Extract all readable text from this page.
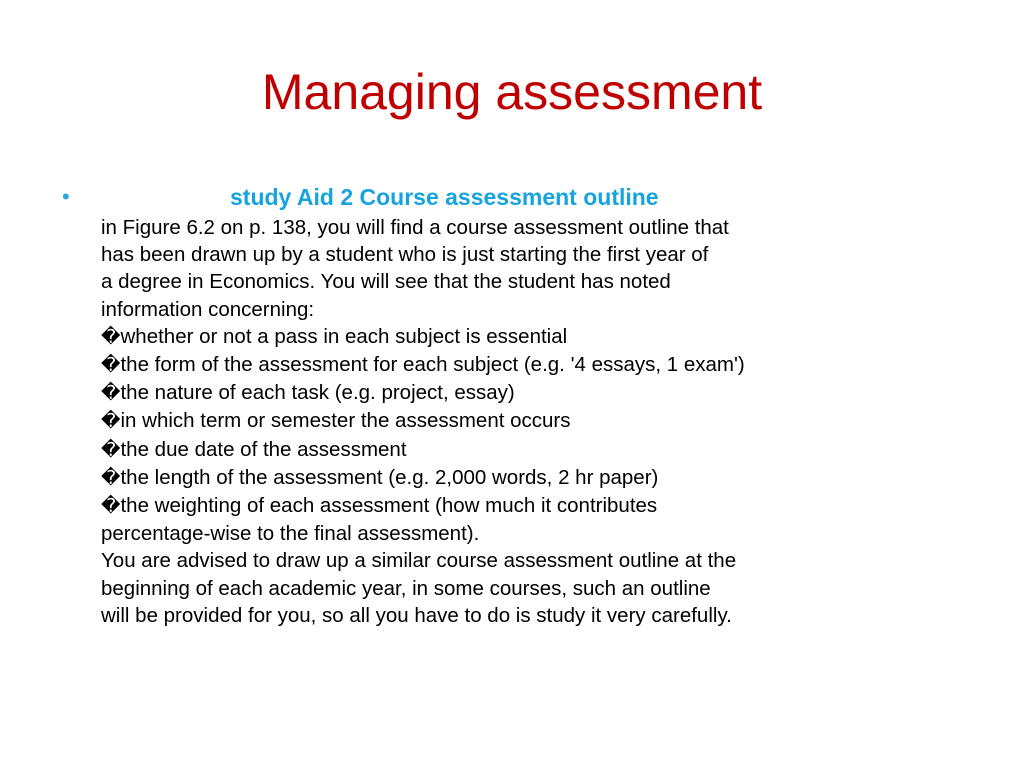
Managing assessment
•	study Aid 2 Course assessment outline
in Figure 6.2 on p. 138, you will find a course assessment outline that
has been drawn up by a student who is just starting the first year of
a degree in Economics. You will see that the student has noted
information concerning:
�whether or not a pass in each subject is essential
�the form of the assessment for each subject (e.g. '4 essays, 1 exam')
�the nature of each task (e.g. project, essay)
�in which term or semester the assessment occurs
�the due date of the assessment
�the length of the assessment (e.g. 2,000 words, 2 hr paper)
�the weighting of each assessment (how much it contributes
percentage-wise to the final assessment).
You are advised to draw up a similar course assessment outline at the
beginning of each academic year, in some courses, such an outline
will be provided for you, so all you have to do is study it very carefully.
